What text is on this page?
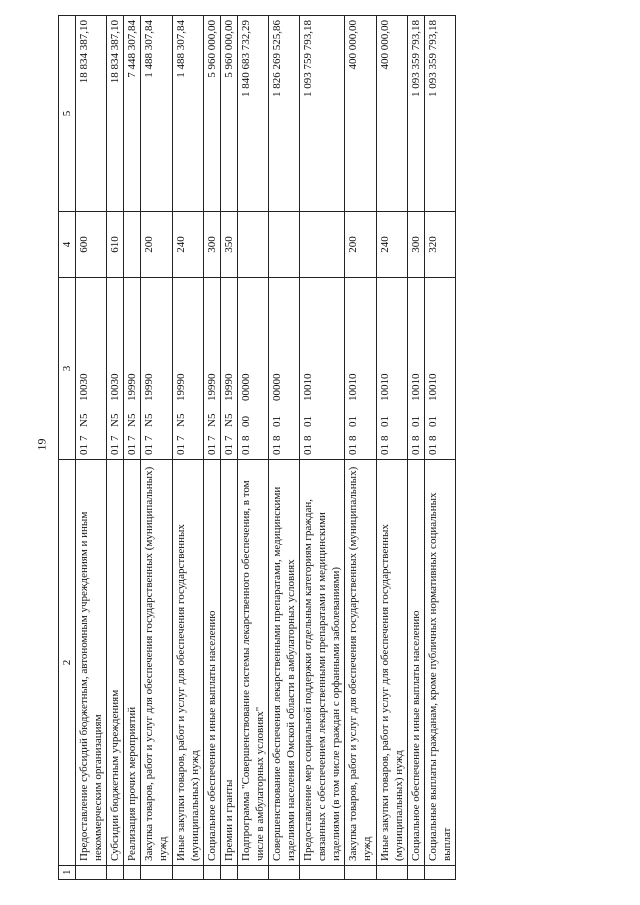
19
1	2	3	4	5
	Предоставление субсидий бюджетным, автономным учреждениям и иным некоммерческим организациям	017N510030	600	18 834 387,10
	Субсидии бюджетным учреждениям	017N510030	610	18 834 387,10
	Реализация прочих мероприятий	017N519990		7 448 307,84
	Закупка товаров, работ и услуг для обеспечения государственных (муниципальных) нужд	017N519990	200	1 488 307,84
	Иные закупки товаров, работ и услуг для обеспечения государственных (муниципальных) нужд	017N519990	240	1 488 307,84
	Социальное обеспечение и иные выплаты населению	017N519990	300	5 960 000,00
	Премии и гранты	017N519990	350	5 960 000,00
	Подпрограмма "Совершенствование системы лекарственного обеспечения, в том числе в амбулаторных условиях"	0180000000		1 840 683 732,29
	Совершенствование обеспечения лекарственными препаратами, медицинскими изделиями населения Омской области в амбулаторных условиях	0180100000		1 826 269 525,86
	Предоставление мер социальной поддержки отдельным категориям граждан, связанных с обеспечением лекарственными препаратами и медицинскими изделиями (в том числе граждан с орфанными заболеваниями)	0180110010		1 093 759 793,18
	Закупка товаров, работ и услуг для обеспечения государственных (муниципальных) нужд	0180110010	200	400 000,00
	Иные закупки товаров, работ и услуг для обеспечения государственных (муниципальных) нужд	0180110010	240	400 000,00
	Социальное обеспечение и иные выплаты населению	0180110010	300	1 093 359 793,18
	Социальные выплаты гражданам, кроме публичных нормативных социальных выплат	0180110010	320	1 093 359 793,18
